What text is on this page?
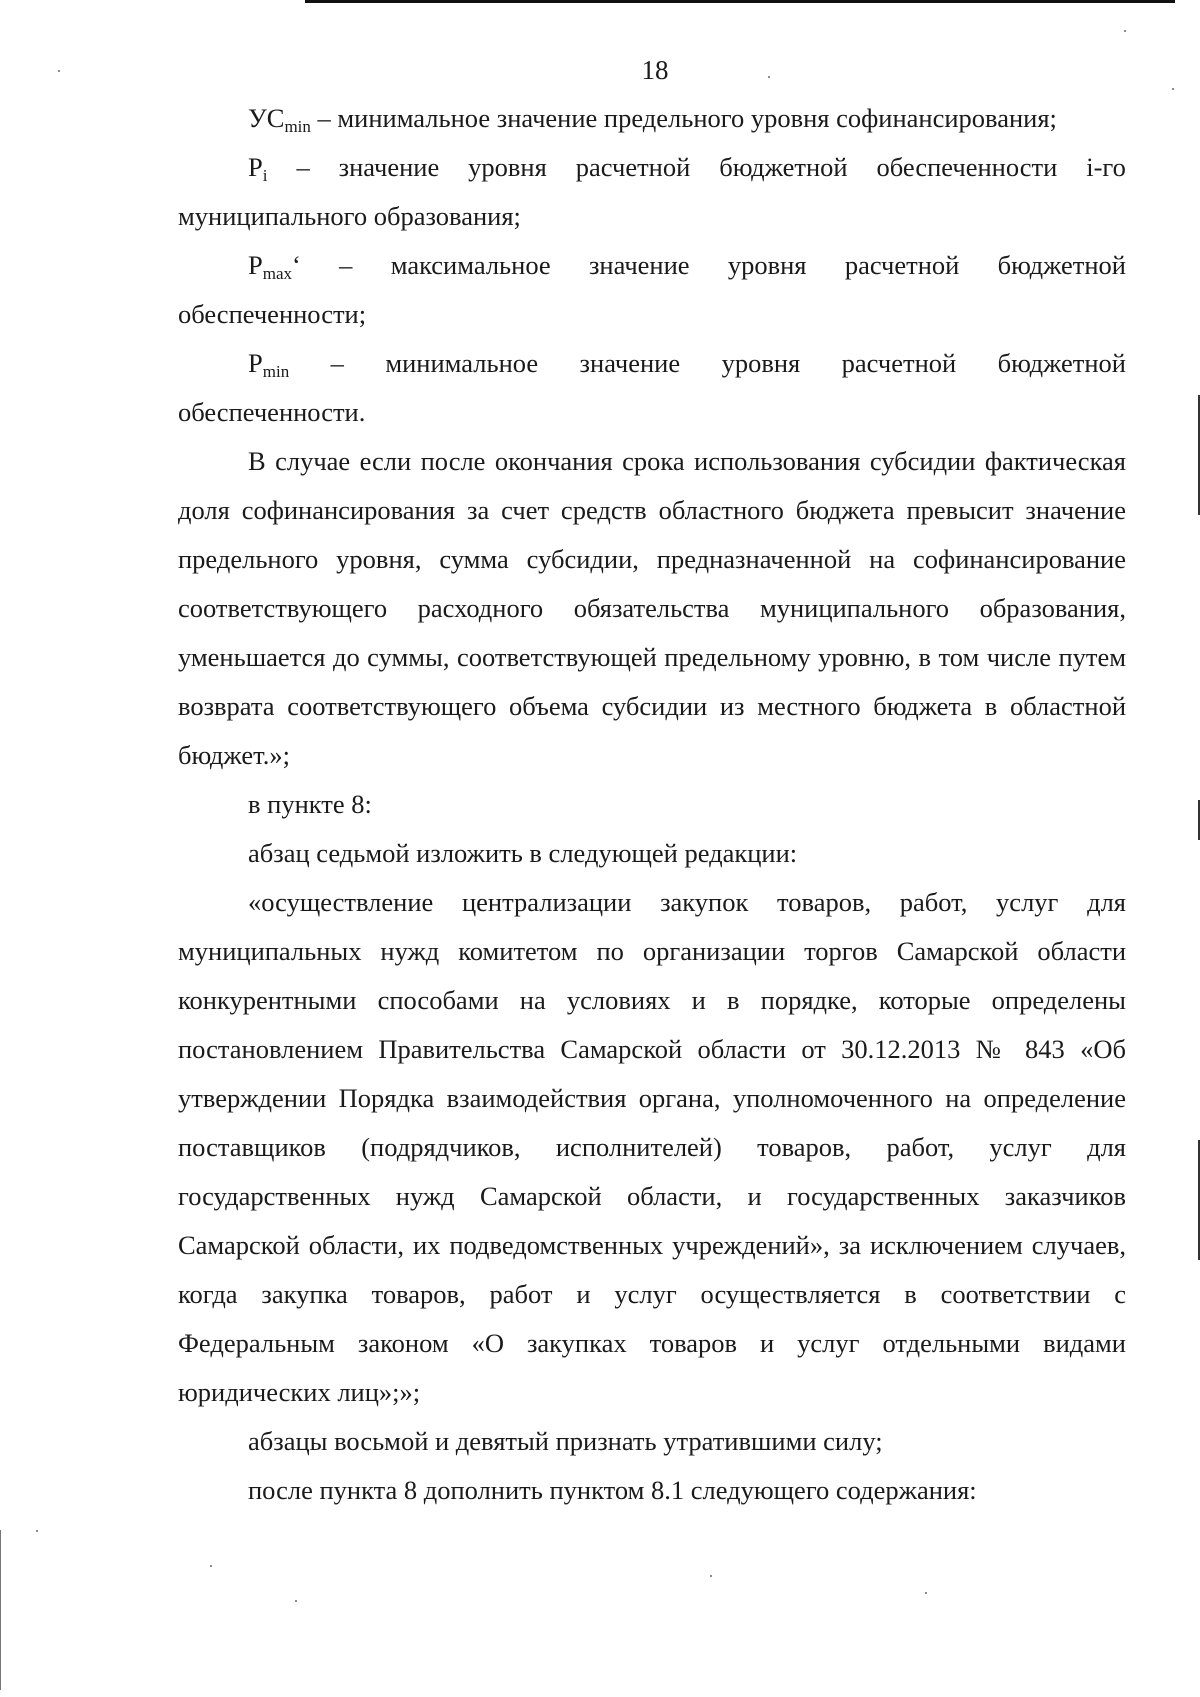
18

$УС_{min}$ – минимальное значение предельного уровня софинансирования;

$Р_i$ – значение уровня расчетной бюджетной обеспеченности i-го

муниципального образования;

$Р_{max}‘$ – максимальное значение уровня расчетной бюджетной

обеспеченности;

$Р_{min}$ – минимальное значение уровня расчетной бюджетной

обеспеченности.

В случае если после окончания срока использования субсидии фактическая доля софинансирования за счет средств областного бюджета превысит значение предельного уровня, сумма субсидии, предназначенной на софинансирование соответствующего расходного обязательства муниципального образования, уменьшается до суммы, соответствующей предельному уровню, в том числе путем возврата соответствующего объема субсидии из местного бюджета в областной бюджет.»;

в пункте 8:

абзац седьмой изложить в следующей редакции:

«осуществление централизации закупок товаров, работ, услуг для муниципальных нужд комитетом по организации торгов Самарской области конкурентными способами на условиях и в порядке, которые определены постановлением Правительства Самарской области от 30.12.2013 № 843 «Об утверждении Порядка взаимодействия органа, уполномоченного на определение поставщиков (подрядчиков, исполнителей) товаров, работ, услуг для государственных нужд Самарской области, и государственных заказчиков Самарской области, их подведомственных учреждений», за исключением случаев, когда закупка товаров, работ и услуг осуществляется в соответствии с Федеральным законом «О закупках товаров и услуг отдельными видами юридических лиц»;»;

абзацы восьмой и девятый признать утратившими силу;

после пункта 8 дополнить пунктом 8.1 следующего содержания:
